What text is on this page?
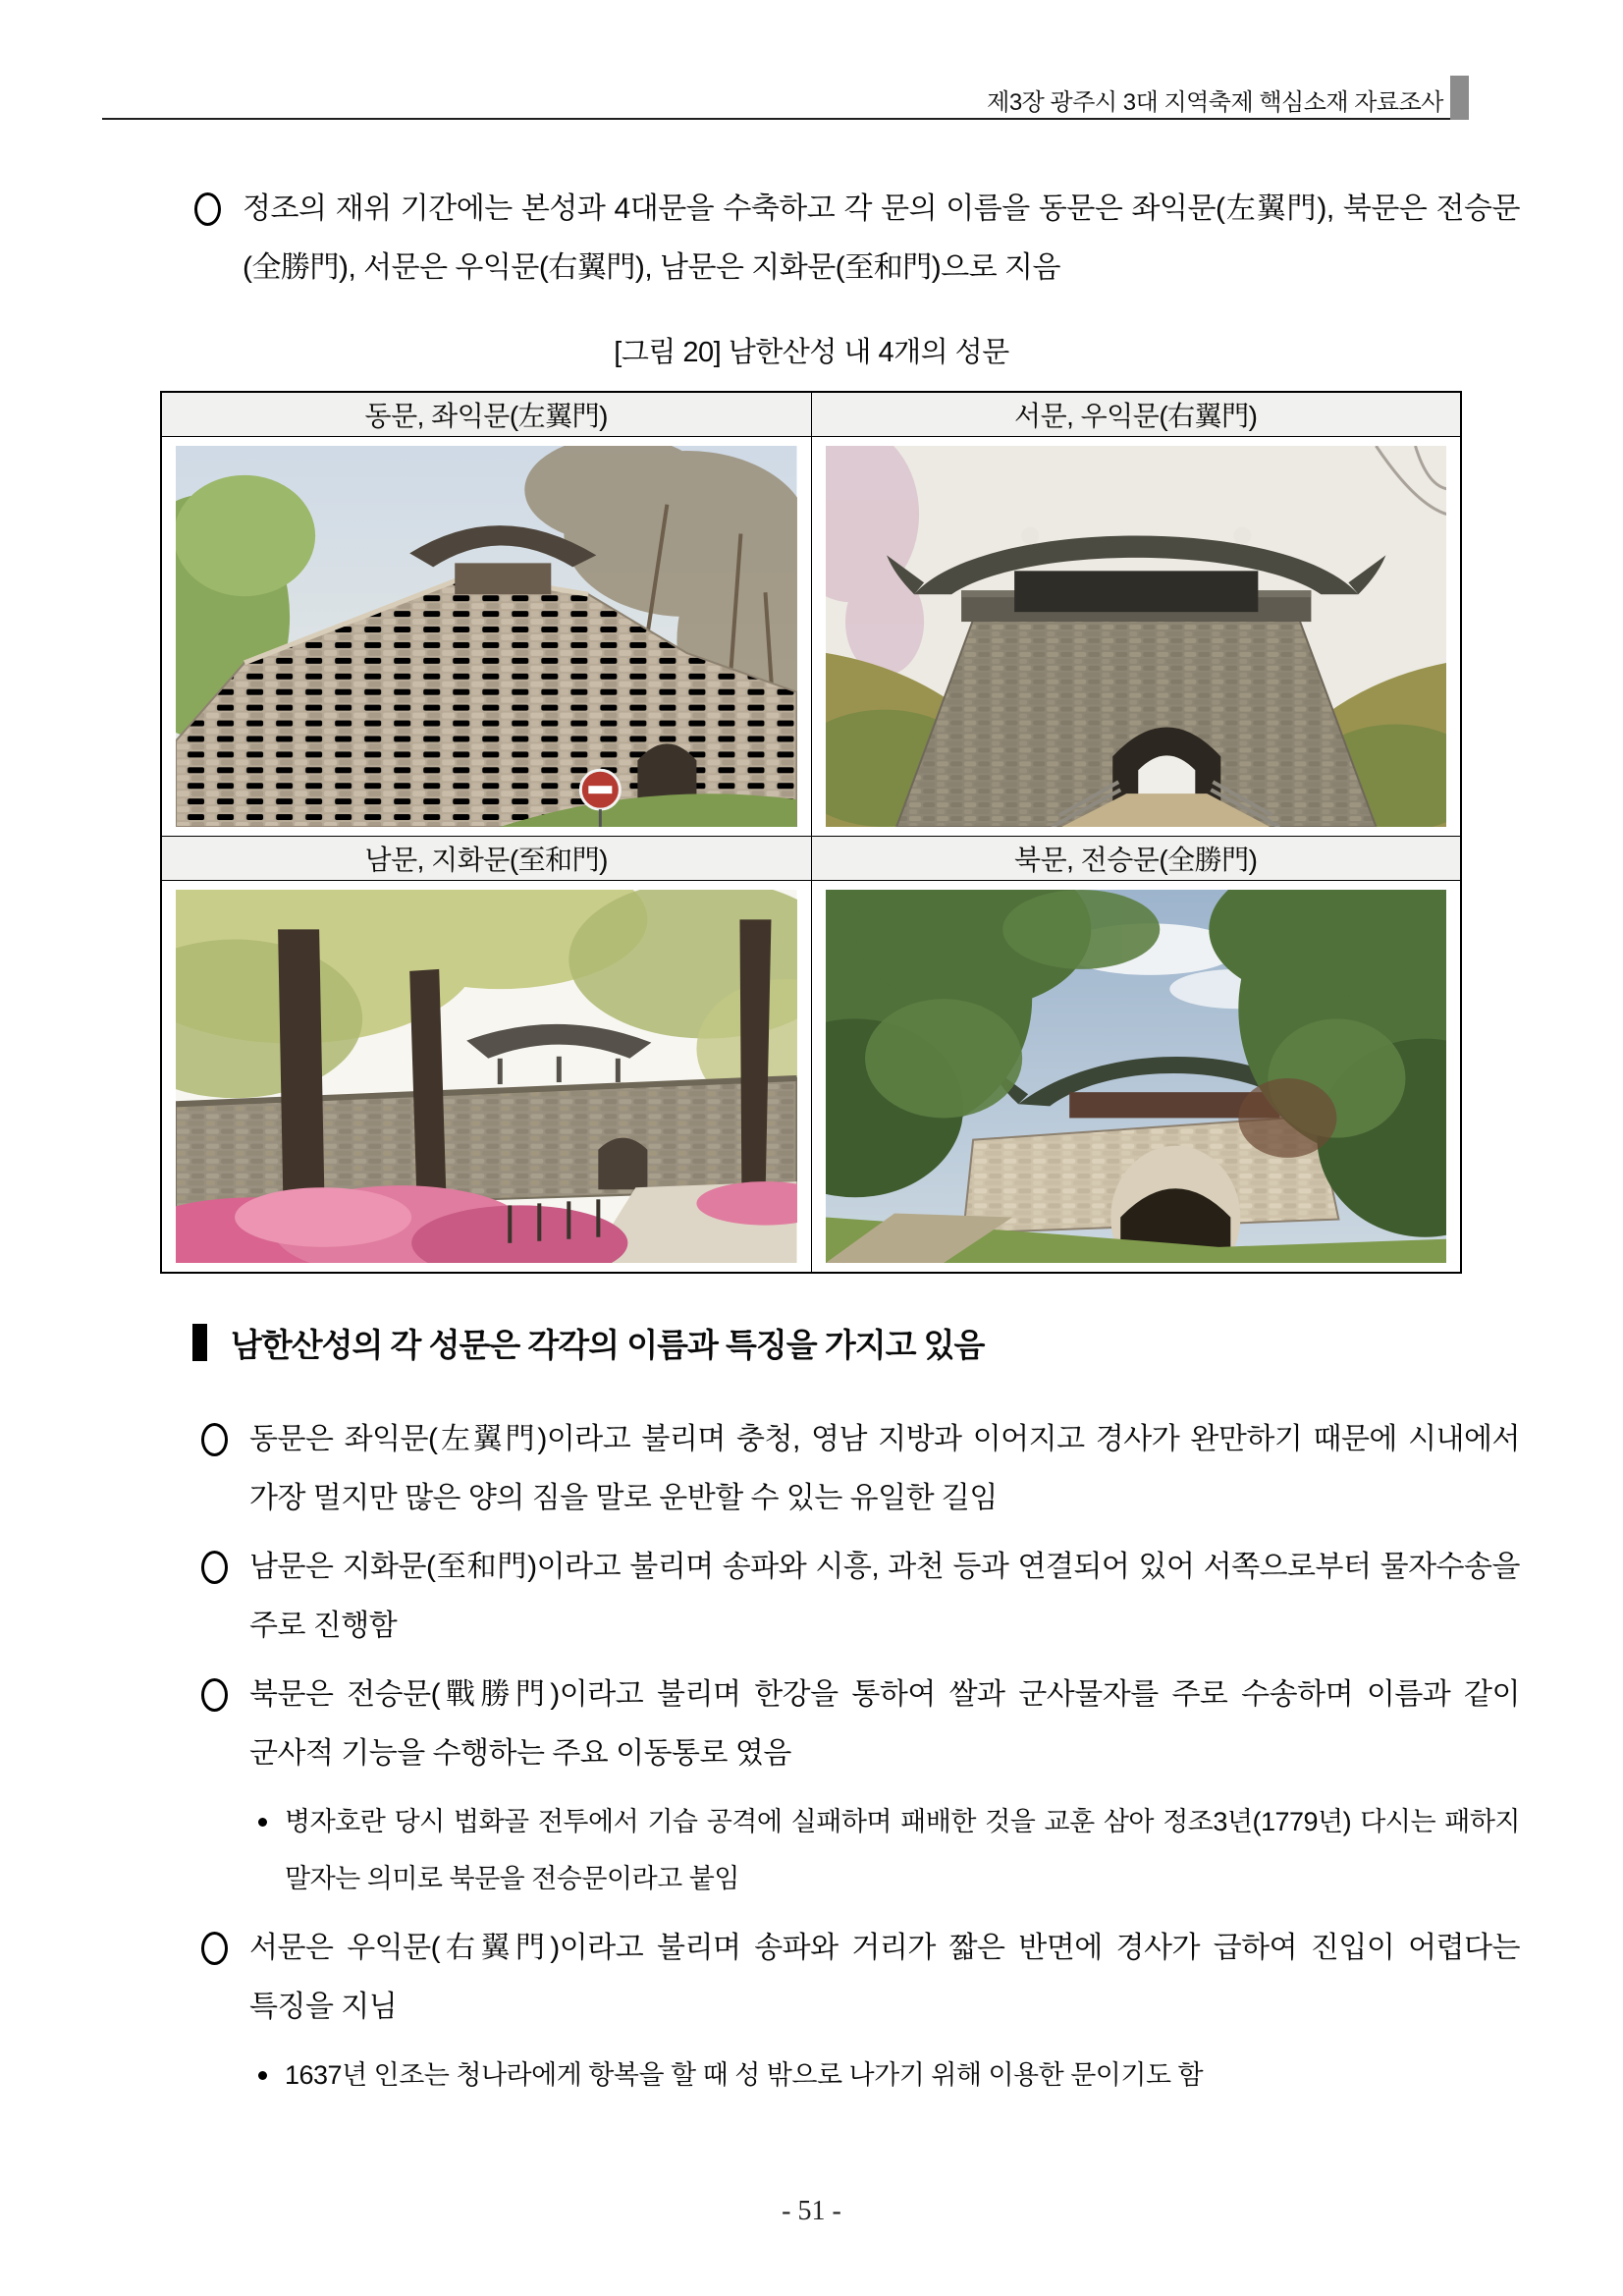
제3장 광주시 3대 지역축제 핵심소재 자료조사

정조의 재위 기간에는 본성과 4대문을 수축하고 각 문의 이름을 동문은 좌익문(左翼門), 북문은 전승문(全勝門), 서문은 우익문(右翼門), 남문은 지화문(至和門)으로 지음

[그림 20] 남한산성 내 4개의 성문
동문, 좌익문(左翼門)	서문, 우익문(右翼門)

남문, 지화문(至和門)	북문, 전승문(全勝門)

남한산성의 각 성문은 각각의 이름과 특징을 가지고 있음

동문은 좌익문(左翼門)이라고 불리며 충청, 영남 지방과 이어지고 경사가 완만하기 때문에 시내에서 가장 멀지만 많은 양의 짐을 말로 운반할 수 있는 유일한 길임

남문은 지화문(至和門)이라고 불리며 송파와 시흥, 과천 등과 연결되어 있어 서쪽으로부터 물자수송을 주로 진행함

북문은 전승문(戰勝門)이라고 불리며 한강을 통하여 쌀과 군사물자를 주로 수송하며 이름과 같이 군사적 기능을 수행하는 주요 이동통로 였음

병자호란 당시 법화골 전투에서 기습 공격에 실패하며 패배한 것을 교훈 삼아 정조3년(1779년) 다시는 패하지 말자는 의미로 북문을 전승문이라고 붙임

서문은 우익문(右翼門)이라고 불리며 송파와 거리가 짧은 반면에 경사가 급하여 진입이 어렵다는 특징을 지님

1637년 인조는 청나라에게 항복을 할 때 성 밖으로 나가기 위해 이용한 문이기도 함

- 51 -
